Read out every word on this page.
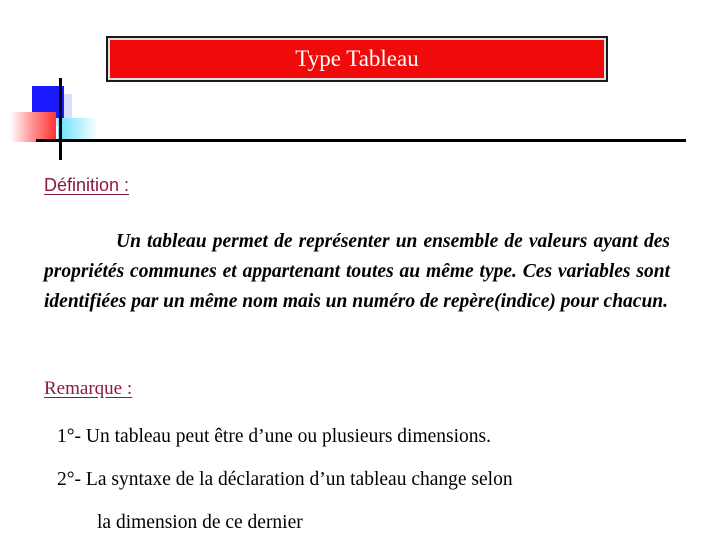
Type Tableau
Définition :
Un tableau permet de représenter un ensemble de valeurs ayant des propriétés communes et appartenant toutes au même type. Ces variables sont identifiées par un même nom mais un numéro de repère(indice) pour chacun.
Remarque :
1°- Un tableau peut être d’une ou plusieurs dimensions.
2°- La syntaxe de la déclaration d’un tableau change selon
la dimension de ce dernier
